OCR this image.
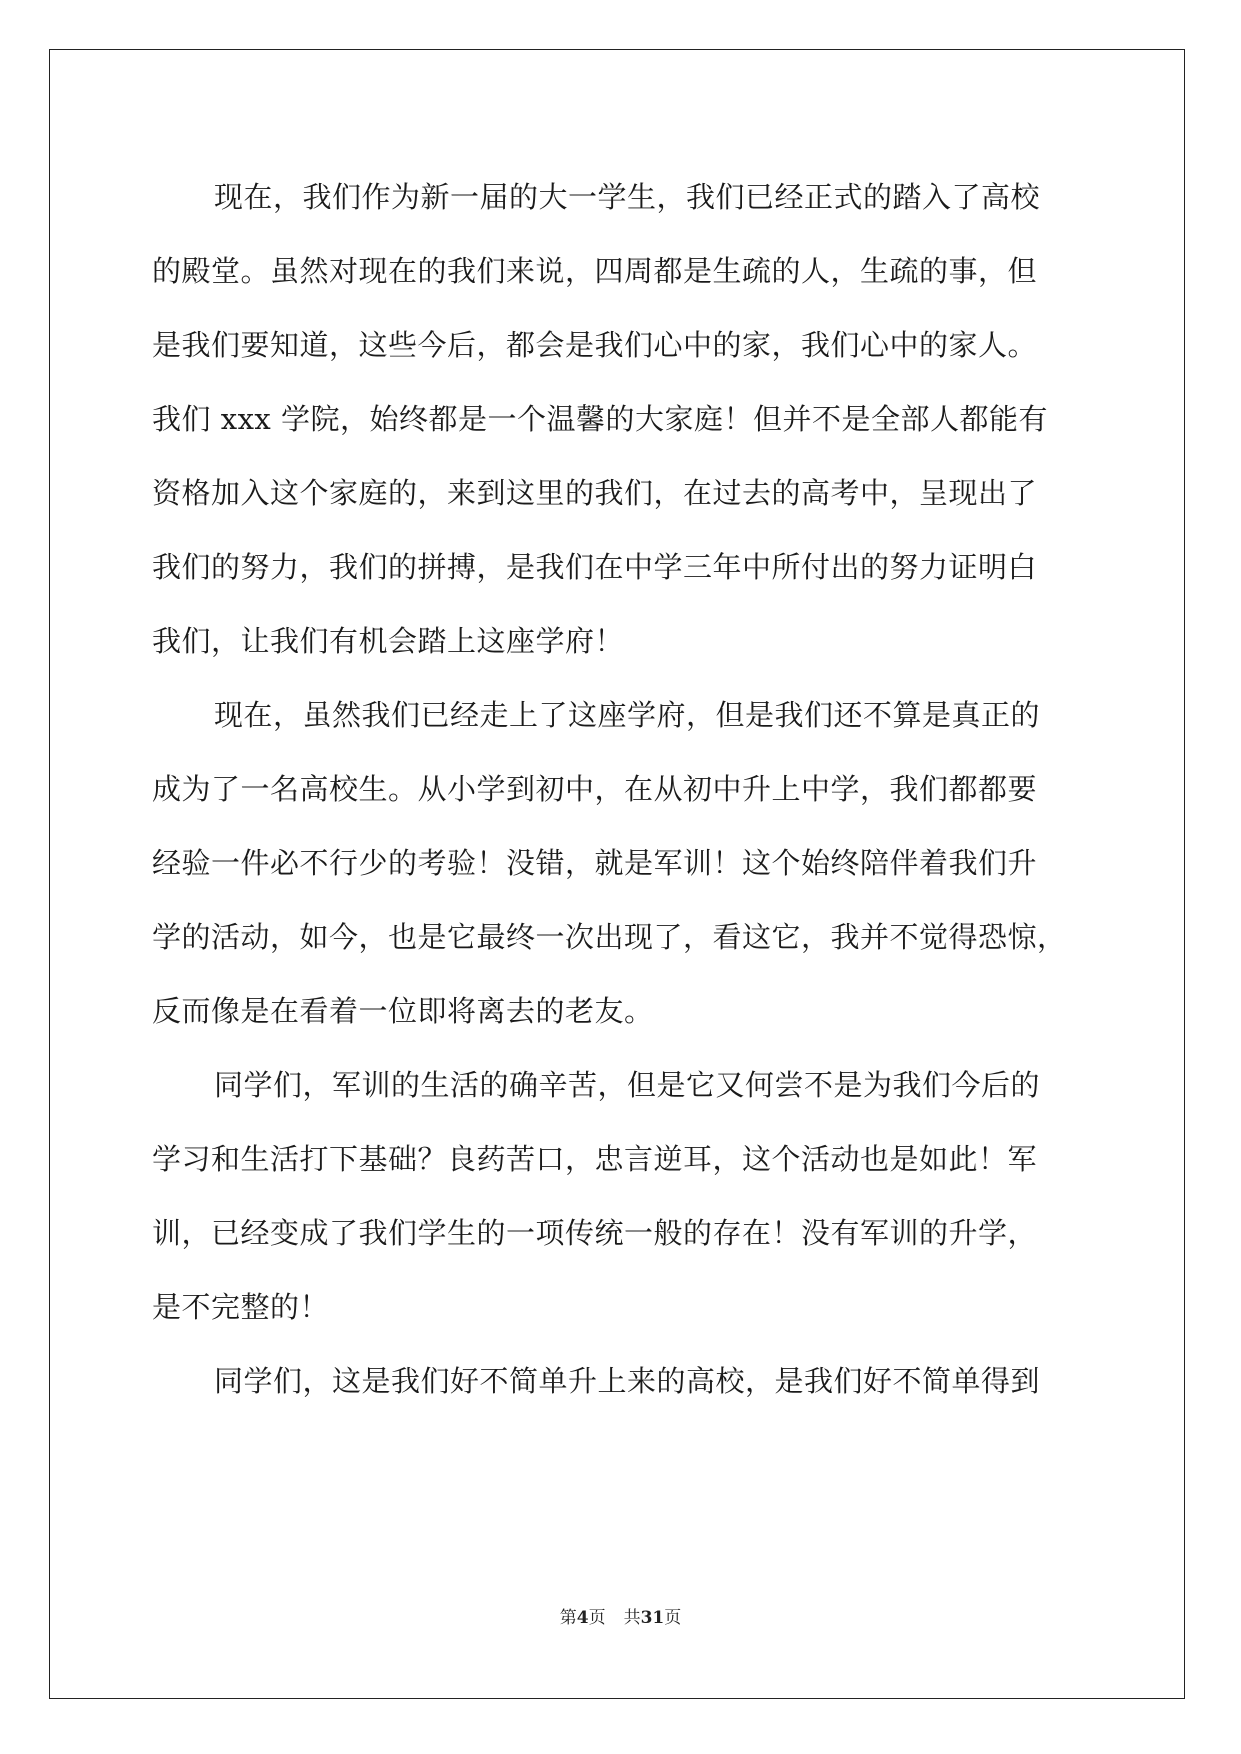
现在，我们作为新一届的大一学生，我们已经正式的踏入了高校
的殿堂。虽然对现在的我们来说，四周都是生疏的人，生疏的事，但
是我们要知道，这些今后，都会是我们心中的家，我们心中的家人。
我们 xxx 学院，始终都是一个温馨的大家庭！但并不是全部人都能有
资格加入这个家庭的，来到这里的我们，在过去的高考中，呈现出了
我们的努力，我们的拼搏，是我们在中学三年中所付出的努力证明白
我们，让我们有机会踏上这座学府！
现在，虽然我们已经走上了这座学府，但是我们还不算是真正的
成为了一名高校生。从小学到初中，在从初中升上中学，我们都都要
经验一件必不行少的考验！没错，就是军训！这个始终陪伴着我们升
学的活动，如今，也是它最终一次出现了，看这它，我并不觉得恐惊，
反而像是在看着一位即将离去的老友。
同学们，军训的生活的确辛苦，但是它又何尝不是为我们今后的
学习和生活打下基础？良药苦口，忠言逆耳，这个活动也是如此！军
训，已经变成了我们学生的一项传统一般的存在！没有军训的升学，
是不完整的！
同学们，这是我们好不简单升上来的高校，是我们好不简单得到
第4页 共31页
